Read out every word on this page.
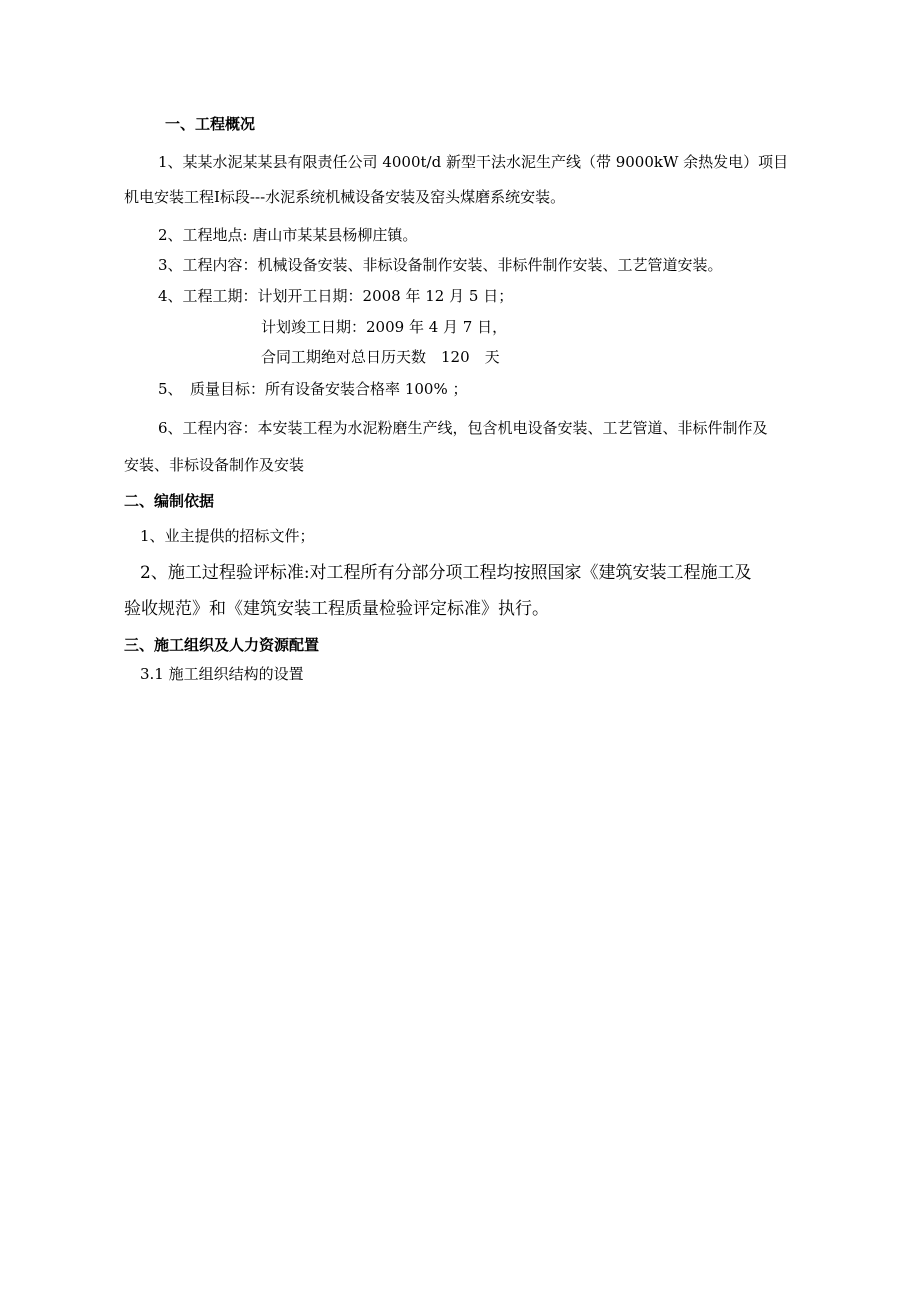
一、工程概况
1、某某水泥某某县有限责任公司 4000t/d 新型干法水泥生产线（带 9000kW 余热发电）项目
机电安装工程Ⅰ标段---水泥系统机械设备安装及窑头煤磨系统安装。
2、工程地点: 唐山市某某县杨柳庄镇。
3、工程内容：机械设备安装、非标设备制作安装、非标件制作安装、工艺管道安装。
4、工程工期：计划开工日期：2008 年 12 月 5 日；
计划竣工日期：2009 年 4 月 7 日，
合同工期绝对总日历天数　120　天
5、　质量目标：所有设备安装合格率 100% ；
6、工程内容：本安装工程为水泥粉磨生产线，包含机电设备安装、工艺管道、非标件制作及
安装、非标设备制作及安装
二、编制依据
1、业主提供的招标文件；
2、施工过程验评标准:对工程所有分部分项工程均按照国家《建筑安装工程施工及
验收规范》和《建筑安装工程质量检验评定标准》执行。
三、施工组织及人力资源配置
3.1 施工组织结构的设置
